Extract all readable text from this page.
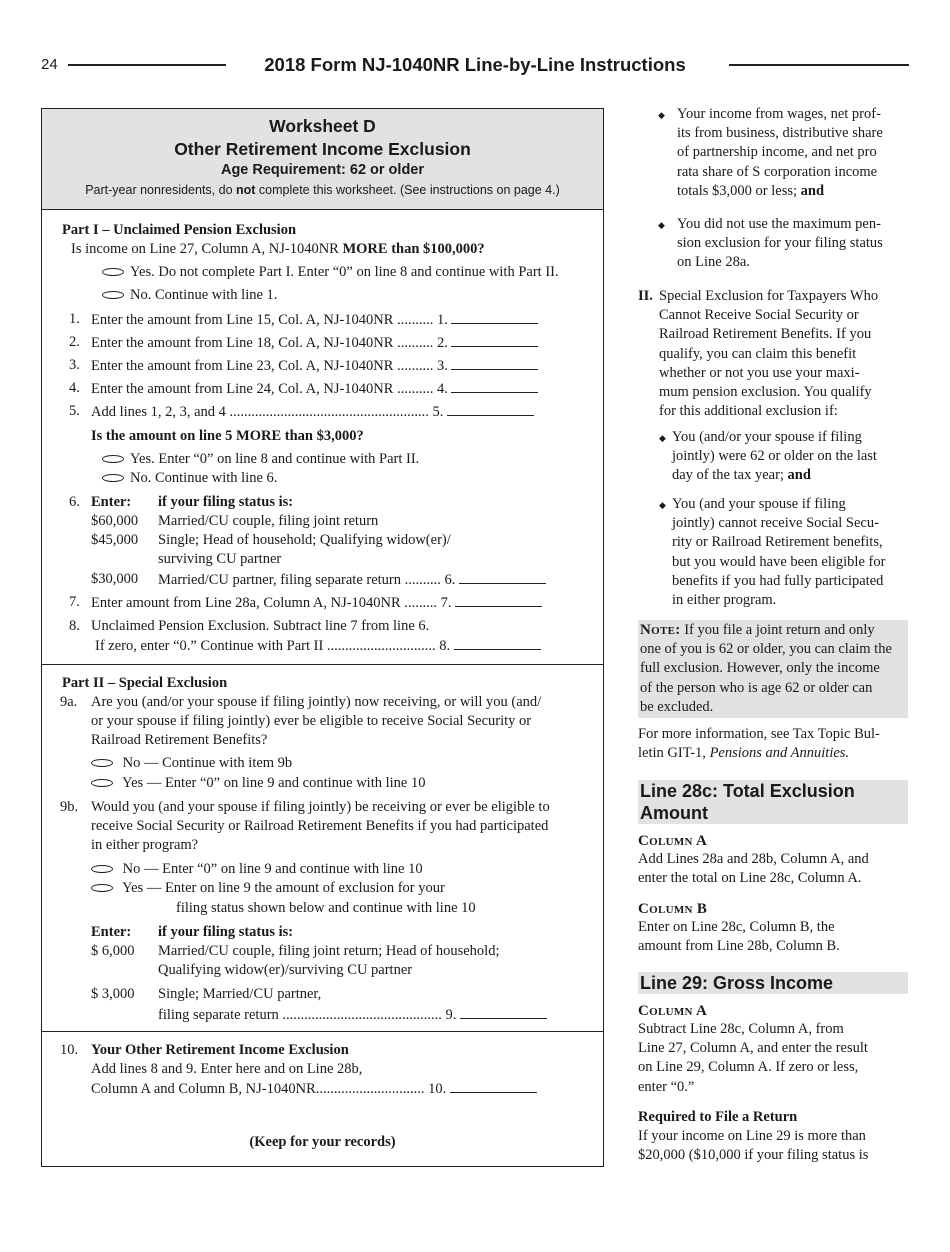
24	2018 Form NJ-1040NR Line-by-Line Instructions
Worksheet D
Other Retirement Income Exclusion
Age Requirement: 62 or older
Part-year nonresidents, do not complete this worksheet. (See instructions on page 4.)
Part I – Unclaimed Pension Exclusion
Is income on Line 27, Column A, NJ-1040NR MORE than $100,000?
Yes. Do not complete Part I. Enter “0” on line 8 and continue with Part II.
No. Continue with line 1.
1. Enter the amount from Line 15, Col. A, NJ-1040NR .......... 1.
2. Enter the amount from Line 18, Col. A, NJ-1040NR .......... 2.
3. Enter the amount from Line 23, Col. A, NJ-1040NR .......... 3.
4. Enter the amount from Line 24, Col. A, NJ-1040NR .......... 4.
5. Add lines 1, 2, 3, and 4 ....................................................... 5.
Is the amount on line 5 MORE than $3,000?
Yes. Enter “0” on line 8 and continue with Part II.
No. Continue with line 6.
6. Enter: if your filing status is:
$60,000 Married/CU couple, filing joint return
$45,000 Single; Head of household; Qualifying widow(er)/
surviving CU partner
$30,000 Married/CU partner, filing separate return .......... 6.
7. Enter amount from Line 28a, Column A, NJ-1040NR ......... 7.
8. Unclaimed Pension Exclusion. Subtract line 7 from line 6.
If zero, enter “0.” Continue with Part II .............................. 8.
Part II – Special Exclusion
9a. Are you (and/or your spouse if filing jointly) now receiving, or will you (and/
or your spouse if filing jointly) ever be eligible to receive Social Security or
Railroad Retirement Benefits?
No — Continue with item 9b
Yes — Enter “0” on line 9 and continue with line 10
9b. Would you (and your spouse if filing jointly) be receiving or ever be eligible to
receive Social Security or Railroad Retirement Benefits if you had participated
in either program?
No — Enter “0” on line 9 and continue with line 10
Yes — Enter on line 9 the amount of exclusion for your
filing status shown below and continue with line 10
Enter: if your filing status is:
$ 6,000 Married/CU couple, filing joint return; Head of household;
Qualifying widow(er)/surviving CU partner
$ 3,000 Single; Married/CU partner,
filing separate return ............................................ 9.
10. Your Other Retirement Income Exclusion
Add lines 8 and 9. Enter here and on Line 28b,
Column A and Column B, NJ-1040NR.............................. 10.
(Keep for your records)
◆ Your income from wages, net prof-
its from business, distributive share
of partnership income, and net pro
rata share of S corporation income
totals $3,000 or less; and
◆ You did not use the maximum pen-
sion exclusion for your filing status
on Line 28a.
II. Special Exclusion for Taxpayers Who
Cannot Receive Social Security or
Railroad Retirement Benefits. If you
qualify, you can claim this benefit
whether or not you use your maxi-
mum pension exclusion. You qualify
for this additional exclusion if:
◆ You (and/or your spouse if filing
jointly) were 62 or older on the last
day of the tax year; and
◆ You (and your spouse if filing
jointly) cannot receive Social Secu-
rity or Railroad Retirement benefits,
but you would have been eligible for
benefits if you had fully participated
in either program.
Note: If you file a joint return and only
one of you is 62 or older, you can claim the
full exclusion. However, only the income
of the person who is age 62 or older can
be excluded.
For more information, see Tax Topic Bul-
letin GIT-1, Pensions and Annuities.
Line 28c: Total Exclusion
Amount
Column A
Add Lines 28a and 28b, Column A, and
enter the total on Line 28c, Column A.
Column B
Enter on Line 28c, Column B, the
amount from Line 28b, Column B.
Line 29: Gross Income
Column A
Subtract Line 28c, Column A, from
Line 27, Column A, and enter the result
on Line 29, Column A. If zero or less,
enter “0.”
Required to File a Return
If your income on Line 29 is more than
$20,000 ($10,000 if your filing status is
